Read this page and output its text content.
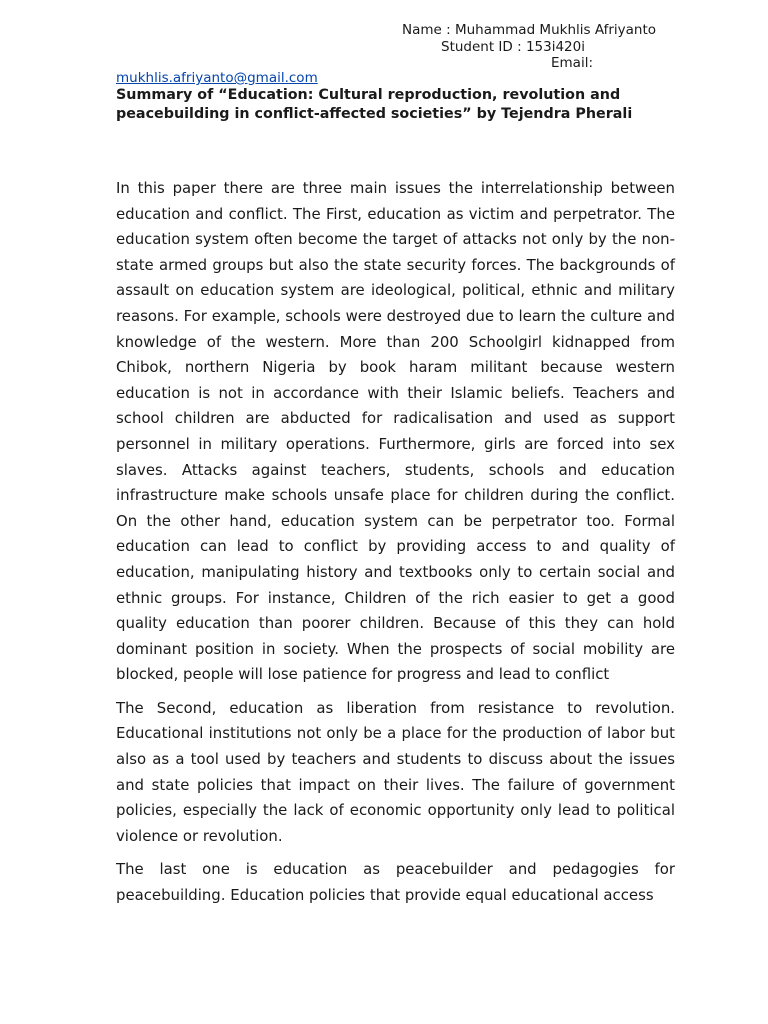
Name : Muhammad Mukhlis Afriyanto
Student ID : 153i420i
Email:
mukhlis.afriyanto@gmail.com
Summary of “Education: Cultural reproduction, revolution and peacebuilding in conflict-affected societies” by Tejendra Pherali

In this paper there are three main issues the interrelationship between education and conflict. The First, education as victim and perpetrator. The education system often become the target of attacks not only by the non-state armed groups but also the state security forces. The backgrounds of assault on education system are ideological, political, ethnic and military reasons. For example, schools were destroyed due to learn the culture and knowledge of the western. More than 200 Schoolgirl kidnapped from Chibok, northern Nigeria by book haram militant because western education is not in accordance with their Islamic beliefs. Teachers and school children are abducted for radicalisation and used as support personnel in military operations. Furthermore, girls are forced into sex slaves. Attacks against teachers, students, schools and education infrastructure make schools unsafe place for children during the conflict. On the other hand, education system can be perpetrator too. Formal education can lead to conflict by providing access to and quality of education, manipulating history and textbooks only to certain social and ethnic groups. For instance, Children of the rich easier to get a good quality education than poorer children. Because of this they can hold dominant position in society. When the prospects of social mobility are blocked, people will lose patience for progress and lead to conflict

The Second, education as liberation from resistance to revolution. Educational institutions not only be a place for the production of labor but also as a tool used by teachers and students to discuss about the issues and state policies that impact on their lives. The failure of government policies, especially the lack of economic opportunity only lead to political violence or revolution.

The last one is education as peacebuilder and pedagogies for peacebuilding. Education policies that provide equal educational access
